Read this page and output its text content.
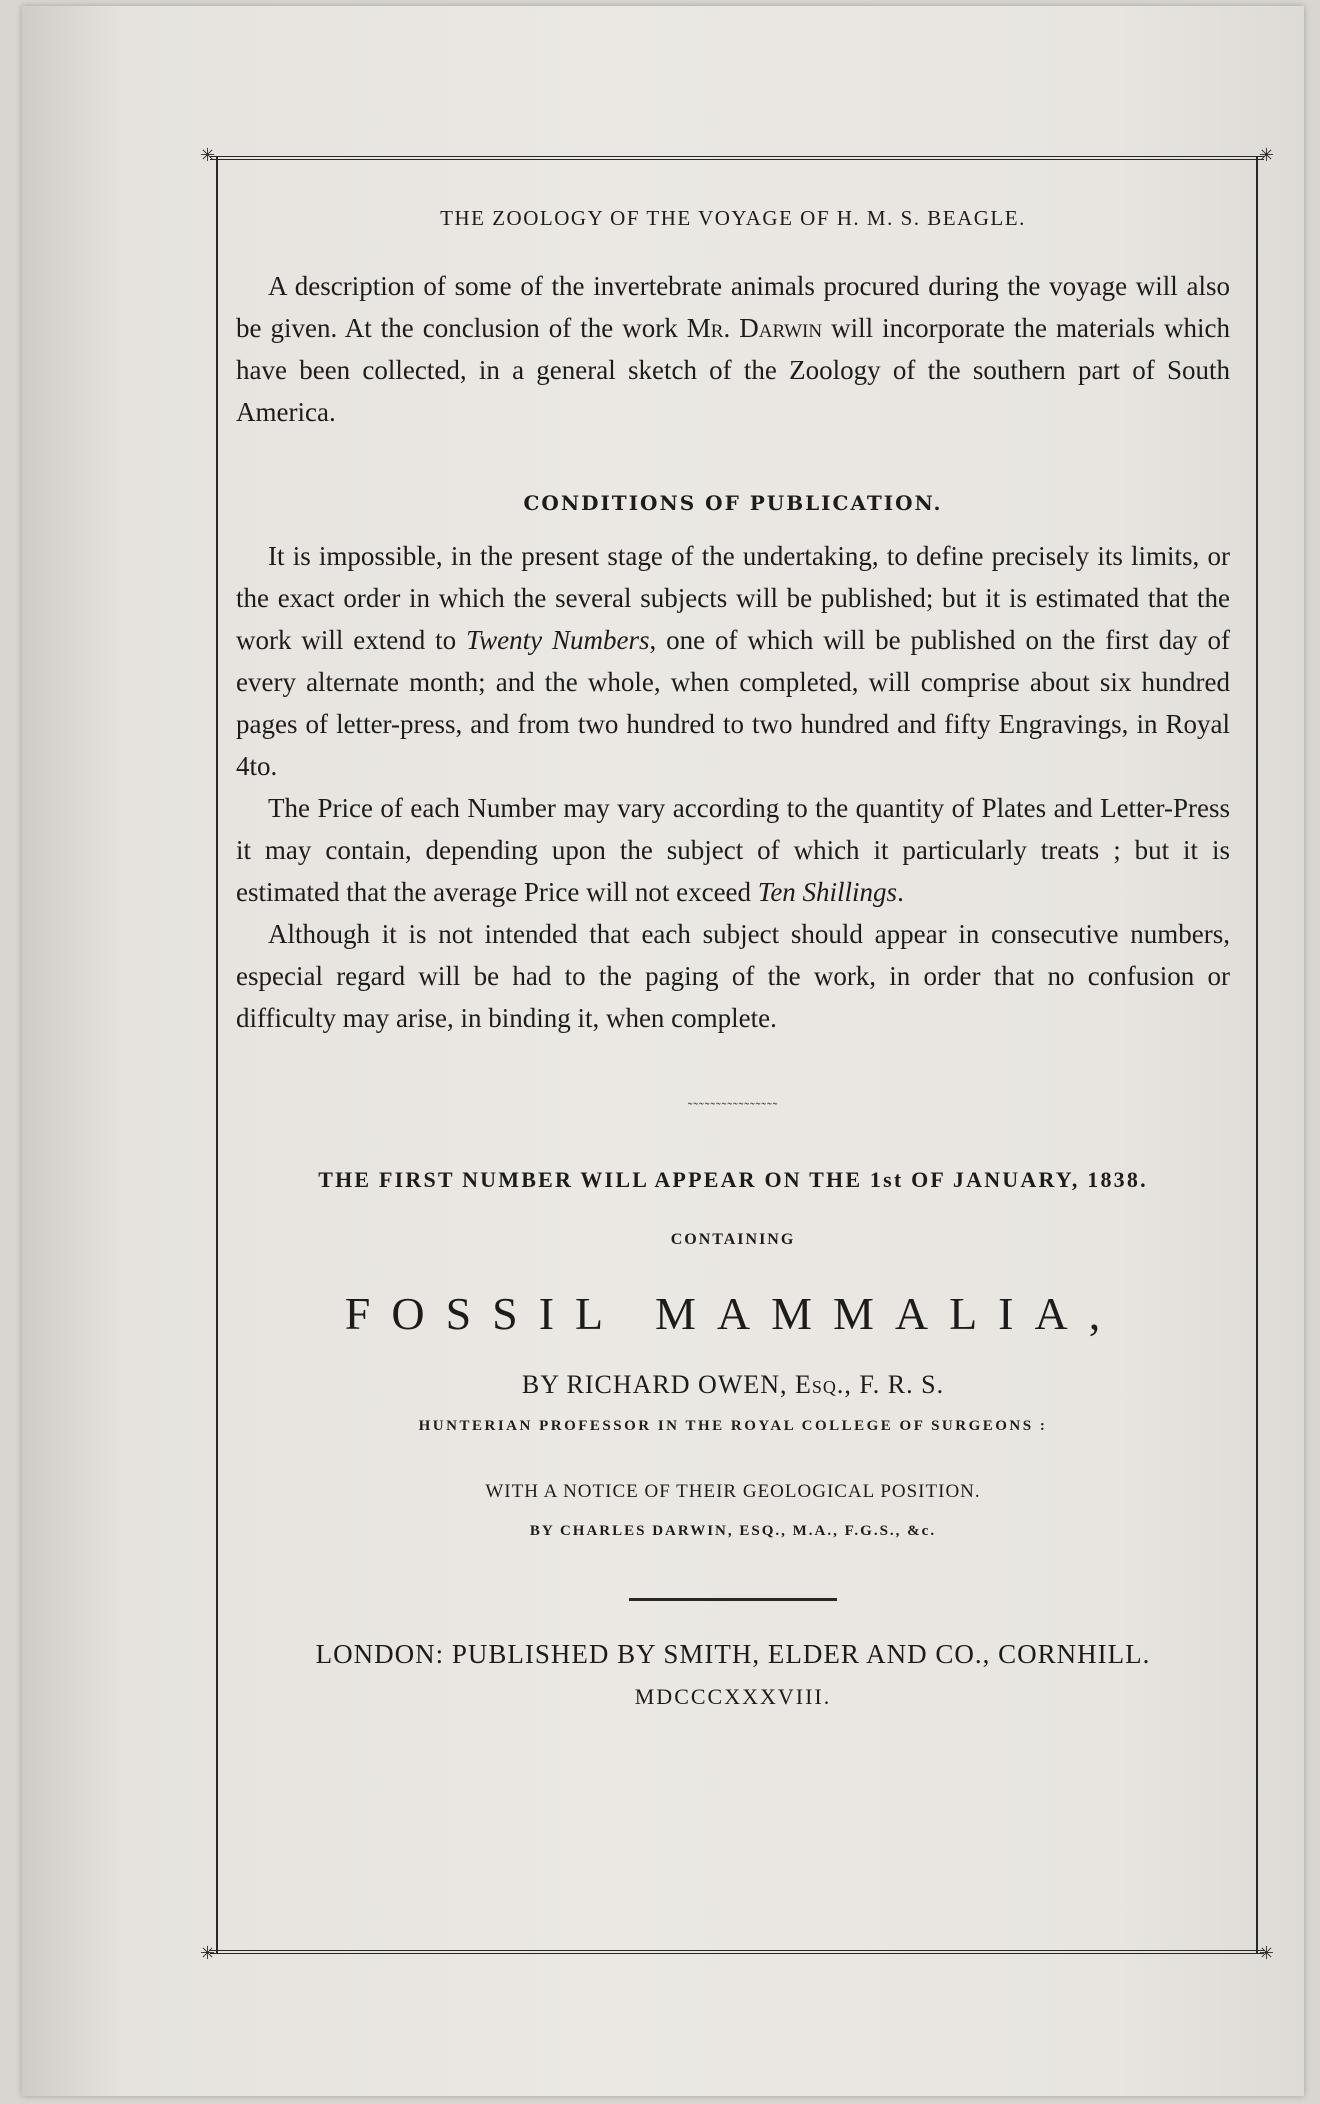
✳	✳
✳	✳
THE ZOOLOGY OF THE VOYAGE OF H. M. S. BEAGLE.

A description of some of the invertebrate animals procured during the voyage will also be given. At the conclusion of the work Mr. Darwin will incorporate the materials which have been collected, in a general sketch of the Zoology of the southern part of South America.

CONDITIONS OF PUBLICATION.

It is impossible, in the present stage of the undertaking, to define precisely its limits, or the exact order in which the several subjects will be published; but it is estimated that the work will extend to Twenty Numbers, one of which will be published on the first day of every alternate month; and the whole, when completed, will comprise about six hundred pages of letter-press, and from two hundred to two hundred and fifty Engravings, in Royal 4to.

The Price of each Number may vary according to the quantity of Plates and Letter-Press it may contain, depending upon the subject of which it particularly treats ; but it is estimated that the average Price will not exceed Ten Shillings.

Although it is not intended that each subject should appear in consecutive numbers, especial regard will be had to the paging of the work, in order that no confusion or difficulty may arise, in binding it, when complete.

˜˜˜˜˜˜˜˜˜˜˜˜˜˜˜˜
THE FIRST NUMBER WILL APPEAR ON THE 1st OF JANUARY, 1838.
CONTAINING
FOSSIL MAMMALIA,
BY RICHARD OWEN, Esq., F. R. S.
HUNTERIAN PROFESSOR IN THE ROYAL COLLEGE OF SURGEONS :
WITH A NOTICE OF THEIR GEOLOGICAL POSITION.
BY CHARLES DARWIN, ESQ., M.A., F.G.S., &c.
LONDON: PUBLISHED BY SMITH, ELDER AND CO., CORNHILL.
MDCCCXXXVIII.
